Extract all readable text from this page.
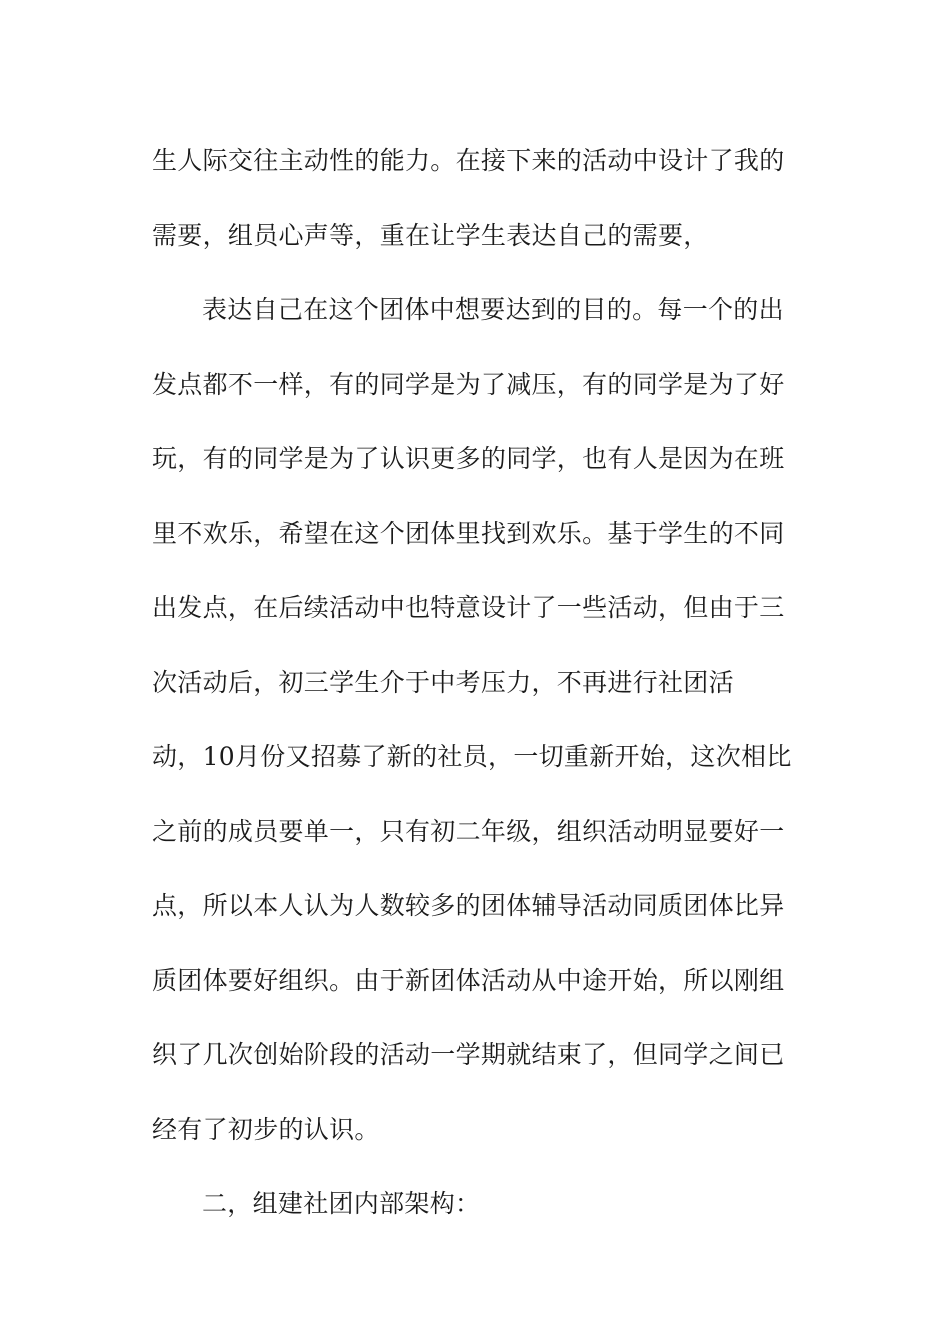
生人际交往主动性的能力。在接下来的活动中设计了我的
需要，组员心声等，重在让学生表达自己的需要，
表达自己在这个团体中想要达到的目的。每一个的出
发点都不一样，有的同学是为了减压，有的同学是为了好
玩，有的同学是为了认识更多的同学，也有人是因为在班
里不欢乐，希望在这个团体里找到欢乐。基于学生的不同
出发点，在后续活动中也特意设计了一些活动，但由于三
次活动后，初三学生介于中考压力，不再进行社团活
动，10月份又招募了新的社员，一切重新开始，这次相比
之前的成员要单一，只有初二年级，组织活动明显要好一
点，所以本人认为人数较多的团体辅导活动同质团体比异
质团体要好组织。由于新团体活动从中途开始，所以刚组
织了几次创始阶段的活动一学期就结束了，但同学之间已
经有了初步的认识。
二，组建社团内部架构：
